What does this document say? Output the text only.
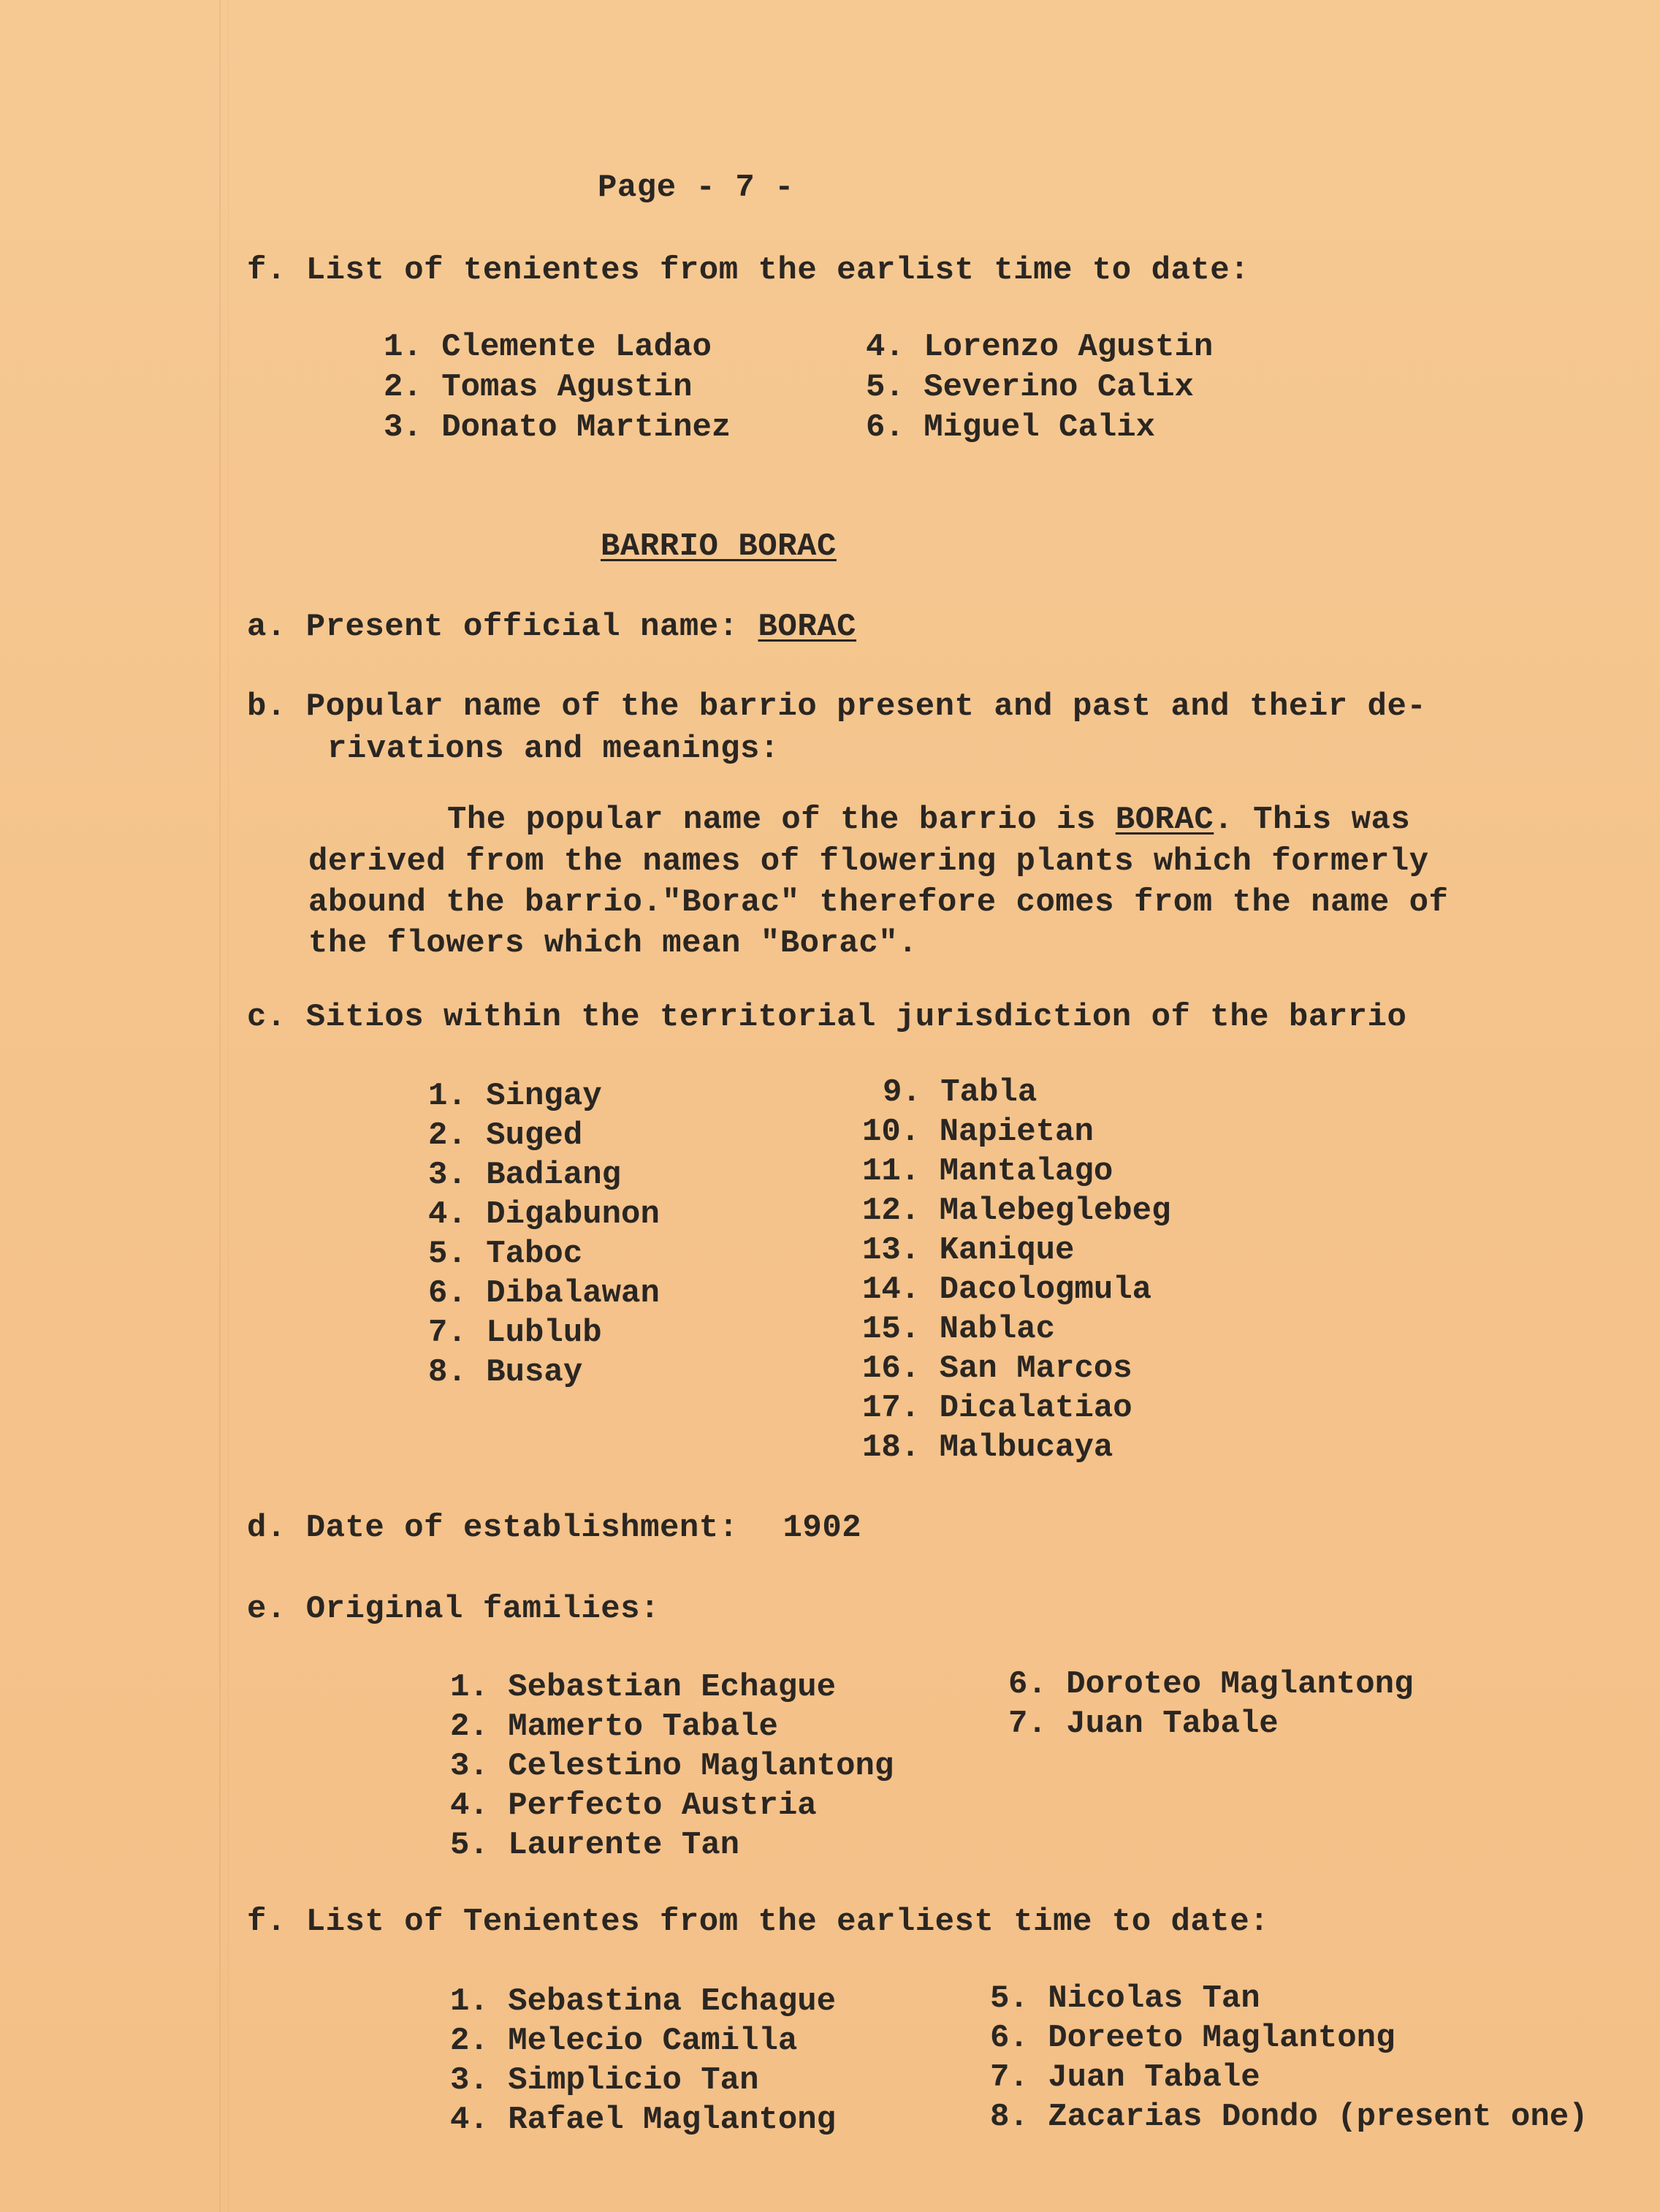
Page - 7 -
f. List of tenientes from the earlist time to date:
1. Clemente Ladao
2. Tomas Agustin
3. Donato Martinez
4. Lorenzo Agustin
5. Severino Calix
6. Miguel Calix
BARRIO BORAC
a. Present official name: BORAC
b. Popular name of the barrio present and past and their de-
rivations and meanings:
The popular name of the barrio is BORAC. This was
derived from the names of flowering plants which formerly
abound the barrio."Borac" therefore comes from the name of
the flowers which mean "Borac".
c. Sitios within the territorial jurisdiction of the barrio
1. Singay
2. Suged
3. Badiang
4. Digabunon
5. Taboc
6. Dibalawan
7. Lublub
8. Busay
9. Tabla
10. Napietan
11. Mantalago
12. Malebeglebeg
13. Kanique
14. Dacologmula
15. Nablac
16. San Marcos
17. Dicalatiao
18. Malbucaya
d. Date of establishment: 1902
e. Original families:
1. Sebastian Echague
2. Mamerto Tabale
3. Celestino Maglantong
4. Perfecto Austria
5. Laurente Tan
6. Doroteo Maglantong
7. Juan Tabale
f. List of Tenientes from the earliest time to date:
1. Sebastina Echague
2. Melecio Camilla
3. Simplicio Tan
4. Rafael Maglantong
5. Nicolas Tan
6. Doreeto Maglantong
7. Juan Tabale
8. Zacarias Dondo (present one)
